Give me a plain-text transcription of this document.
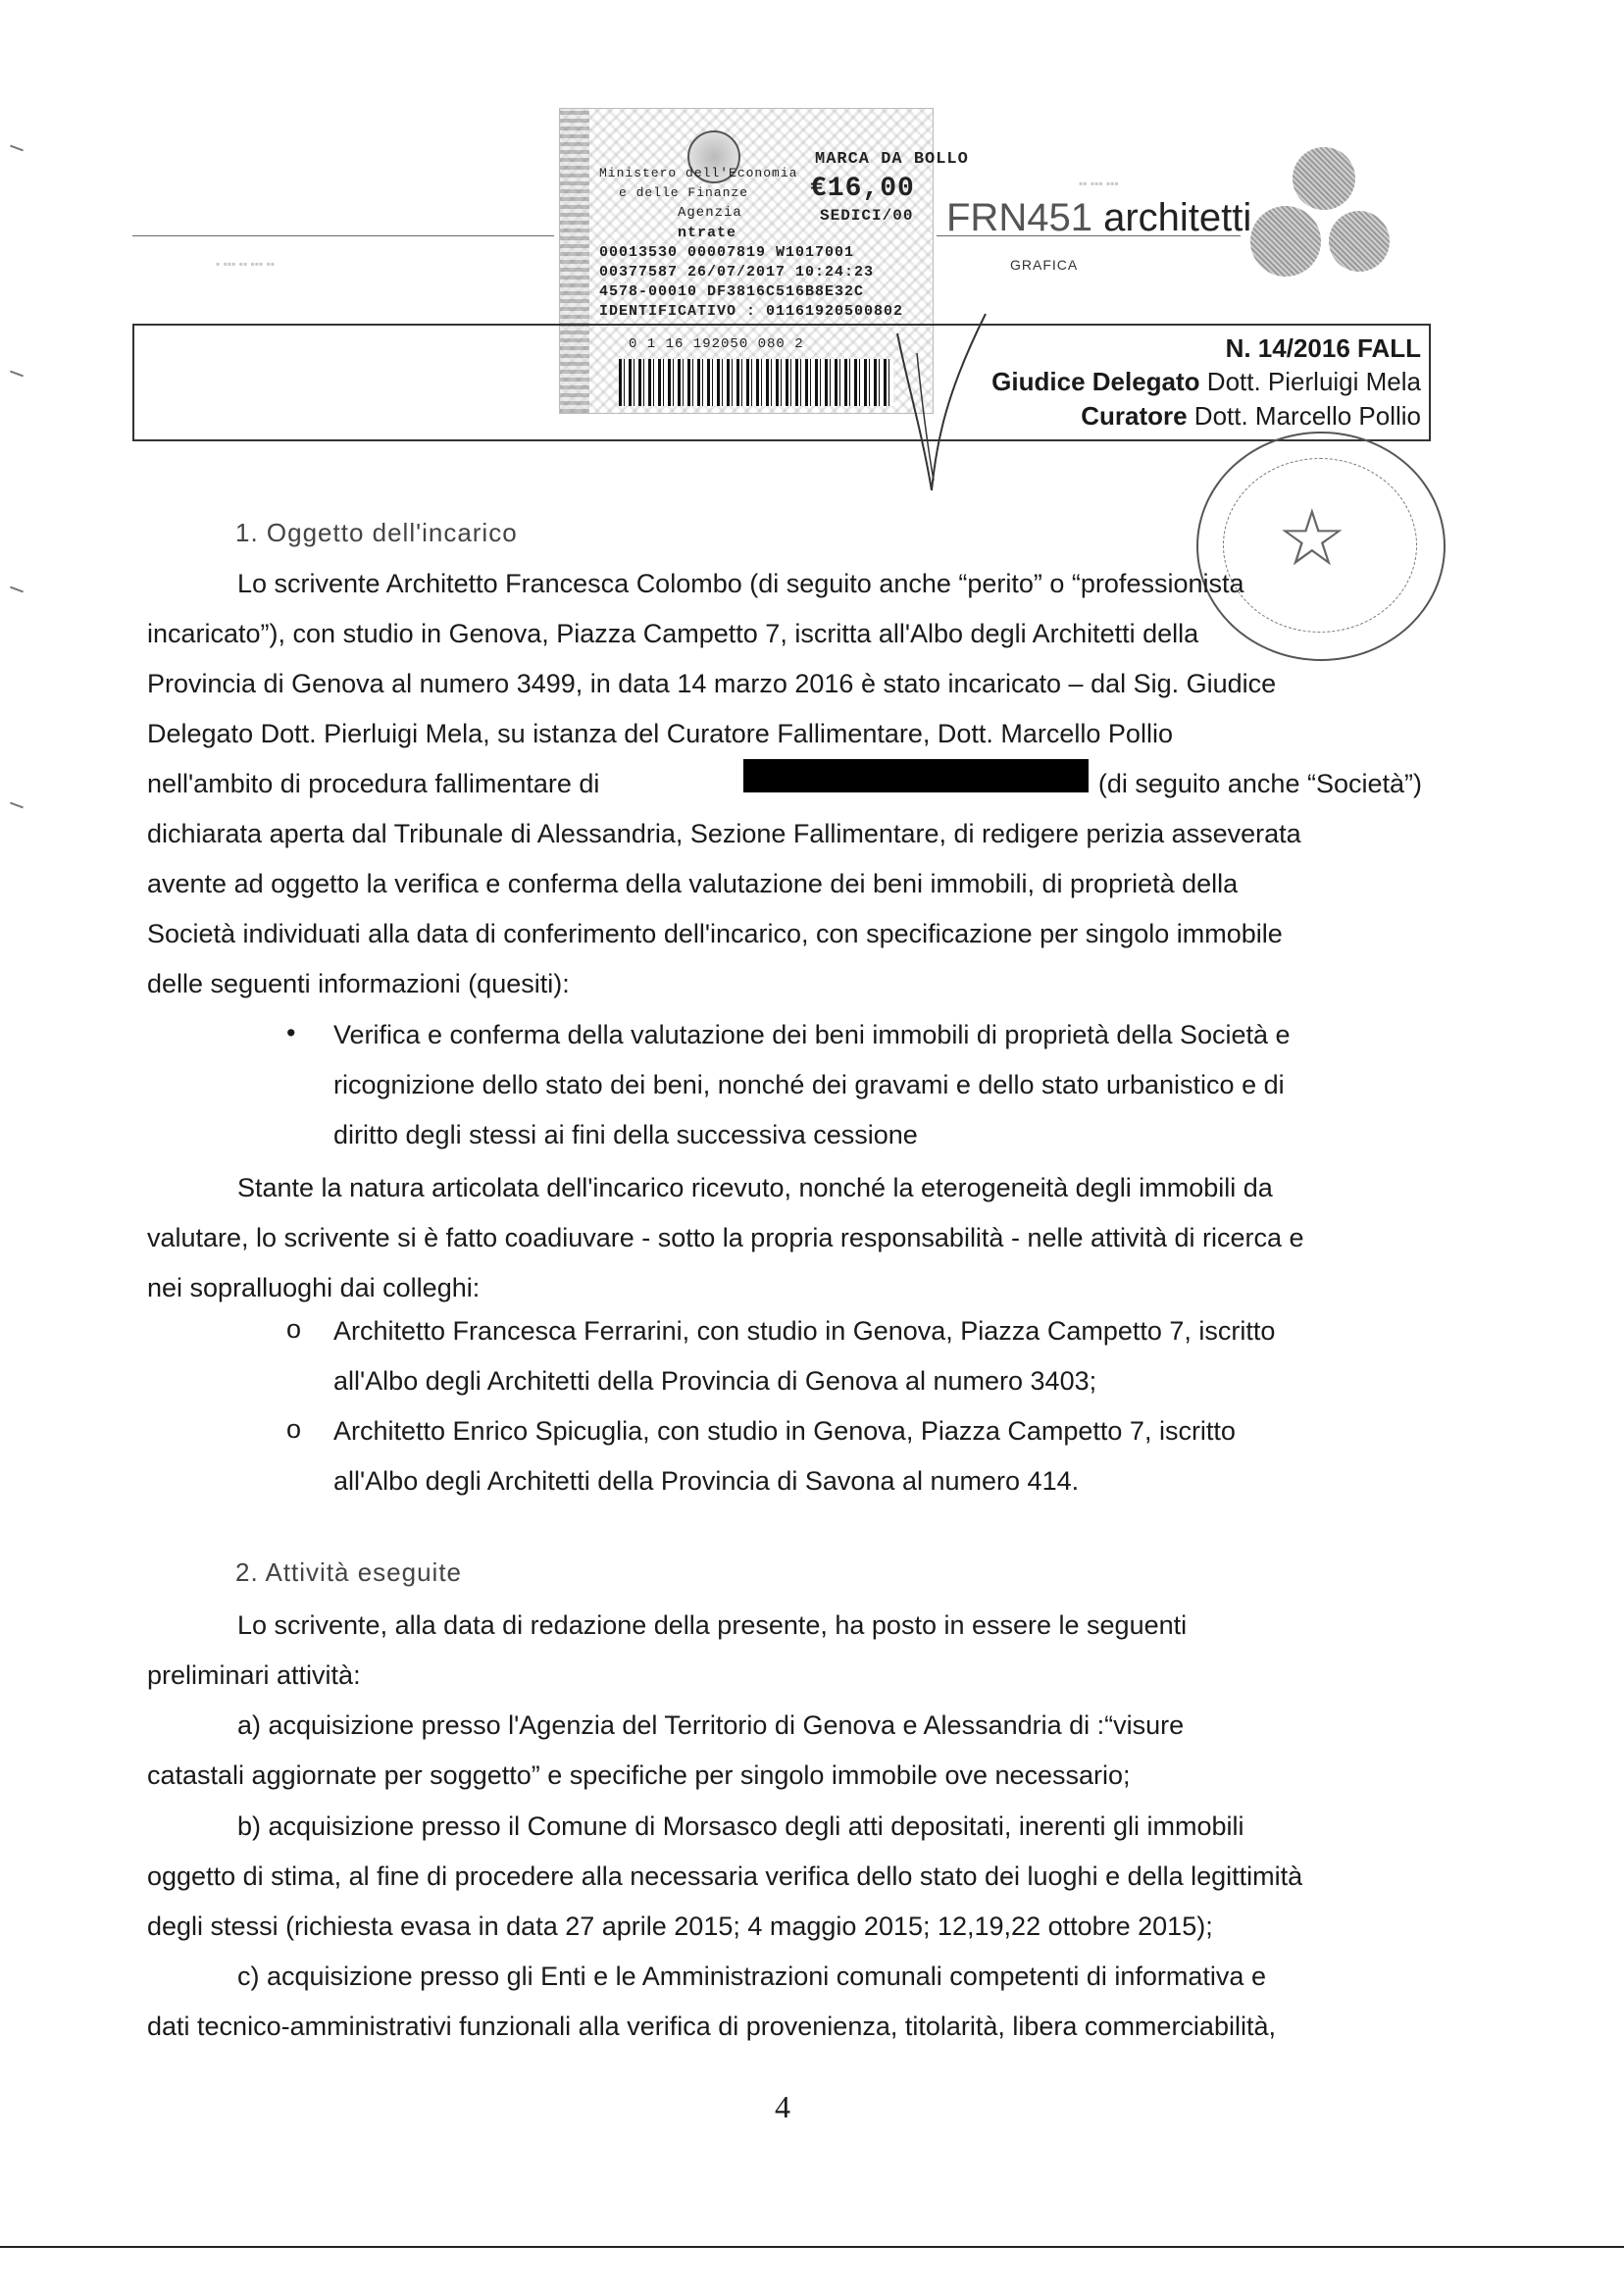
MARCA DA BOLLO
Ministero dell'Economia
e delle Finanze €16,00
SEDICI/00
Agenzia
ntrate
00013530 00007819 W1017001
00377587 26/07/2017 10:24:23
4578-00010 DF3816C516B8E32C
IDENTIFICATIVO : 01161920500802
0 1 16 192050 080 2
▪ ▪▪▪ ▪▪ ▪▪▪ ▪▪
▪▪ ▪▪▪ ▪▪▪
FRN451 architetti
GRAFICA
N. 14/2016 FALL
Giudice Delegato Dott. Pierluigi Mela
Curatore Dott. Marcello Pollio
☆
1. Oggetto dell'incarico
Lo scrivente Architetto Francesca Colombo (di seguito anche “perito” o “professionista
incaricato”), con studio in Genova, Piazza Campetto 7, iscritta all'Albo degli Architetti della
Provincia di Genova al numero 3499, in data 14 marzo 2016 è stato incaricato – dal Sig. Giudice
Delegato Dott. Pierluigi Mela, su istanza del Curatore Fallimentare, Dott. Marcello Pollio
nell'ambito di procedura fallimentare di	(di seguito anche “Società”)
dichiarata aperta dal Tribunale di Alessandria, Sezione Fallimentare, di redigere perizia asseverata
avente ad oggetto la verifica e conferma della valutazione dei beni immobili, di proprietà della
Società individuati alla data di conferimento dell'incarico, con specificazione per singolo immobile
delle seguenti informazioni (quesiti):
• Verifica e conferma della valutazione dei beni immobili di proprietà della Società e
ricognizione dello stato dei beni, nonché dei gravami e dello stato urbanistico e di
diritto degli stessi ai fini della successiva cessione
Stante la natura articolata dell'incarico ricevuto, nonché la eterogeneità degli immobili da
valutare, lo scrivente si è fatto coadiuvare - sotto la propria responsabilità - nelle attività di ricerca e
nei sopralluoghi dai colleghi:
o Architetto Francesca Ferrarini, con studio in Genova, Piazza Campetto 7, iscritto
all'Albo degli Architetti della Provincia di Genova al numero 3403;
o Architetto Enrico Spicuglia, con studio in Genova, Piazza Campetto 7, iscritto
all'Albo degli Architetti della Provincia di Savona al numero 414.
2. Attività eseguite
Lo scrivente, alla data di redazione della presente, ha posto in essere le seguenti
preliminari attività:
a) acquisizione presso l'Agenzia del Territorio di Genova e Alessandria di :“visure
catastali aggiornate per soggetto” e specifiche per singolo immobile ove necessario;
b) acquisizione presso il Comune di Morsasco degli atti depositati, inerenti gli immobili
oggetto di stima, al fine di procedere alla necessaria verifica dello stato dei luoghi e della legittimità
degli stessi (richiesta evasa in data 27 aprile 2015; 4 maggio 2015; 12,19,22 ottobre 2015);
c) acquisizione presso gli Enti e le Amministrazioni comunali competenti di informativa e
dati tecnico-amministrativi funzionali alla verifica di provenienza, titolarità, libera commerciabilità,
4
